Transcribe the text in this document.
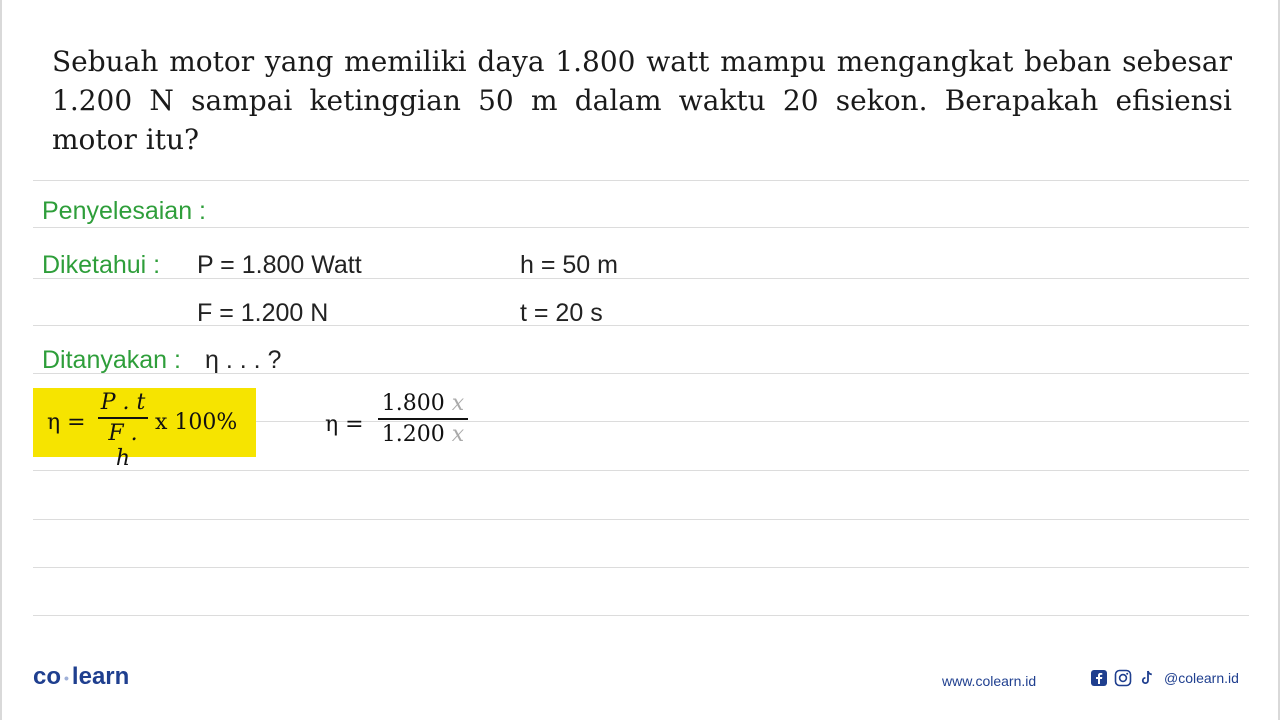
Sebuah motor yang memiliki daya 1.800 watt mampu mengangkat beban sebesar 1.200 N sampai ketinggian 50 m dalam waktu 20 sekon. Berapakah efisiensi motor itu?
Penyelesaian :
Diketahui : P = 1.800 Watt	h = 50 m
F = 1.200 N	t = 20 s
Ditanyakan : η . . . ?
η =
P . t
F . h
x 100%	η =
1.800 x
1.200 x
co • learn	www.colearn.id	@colearn.id
